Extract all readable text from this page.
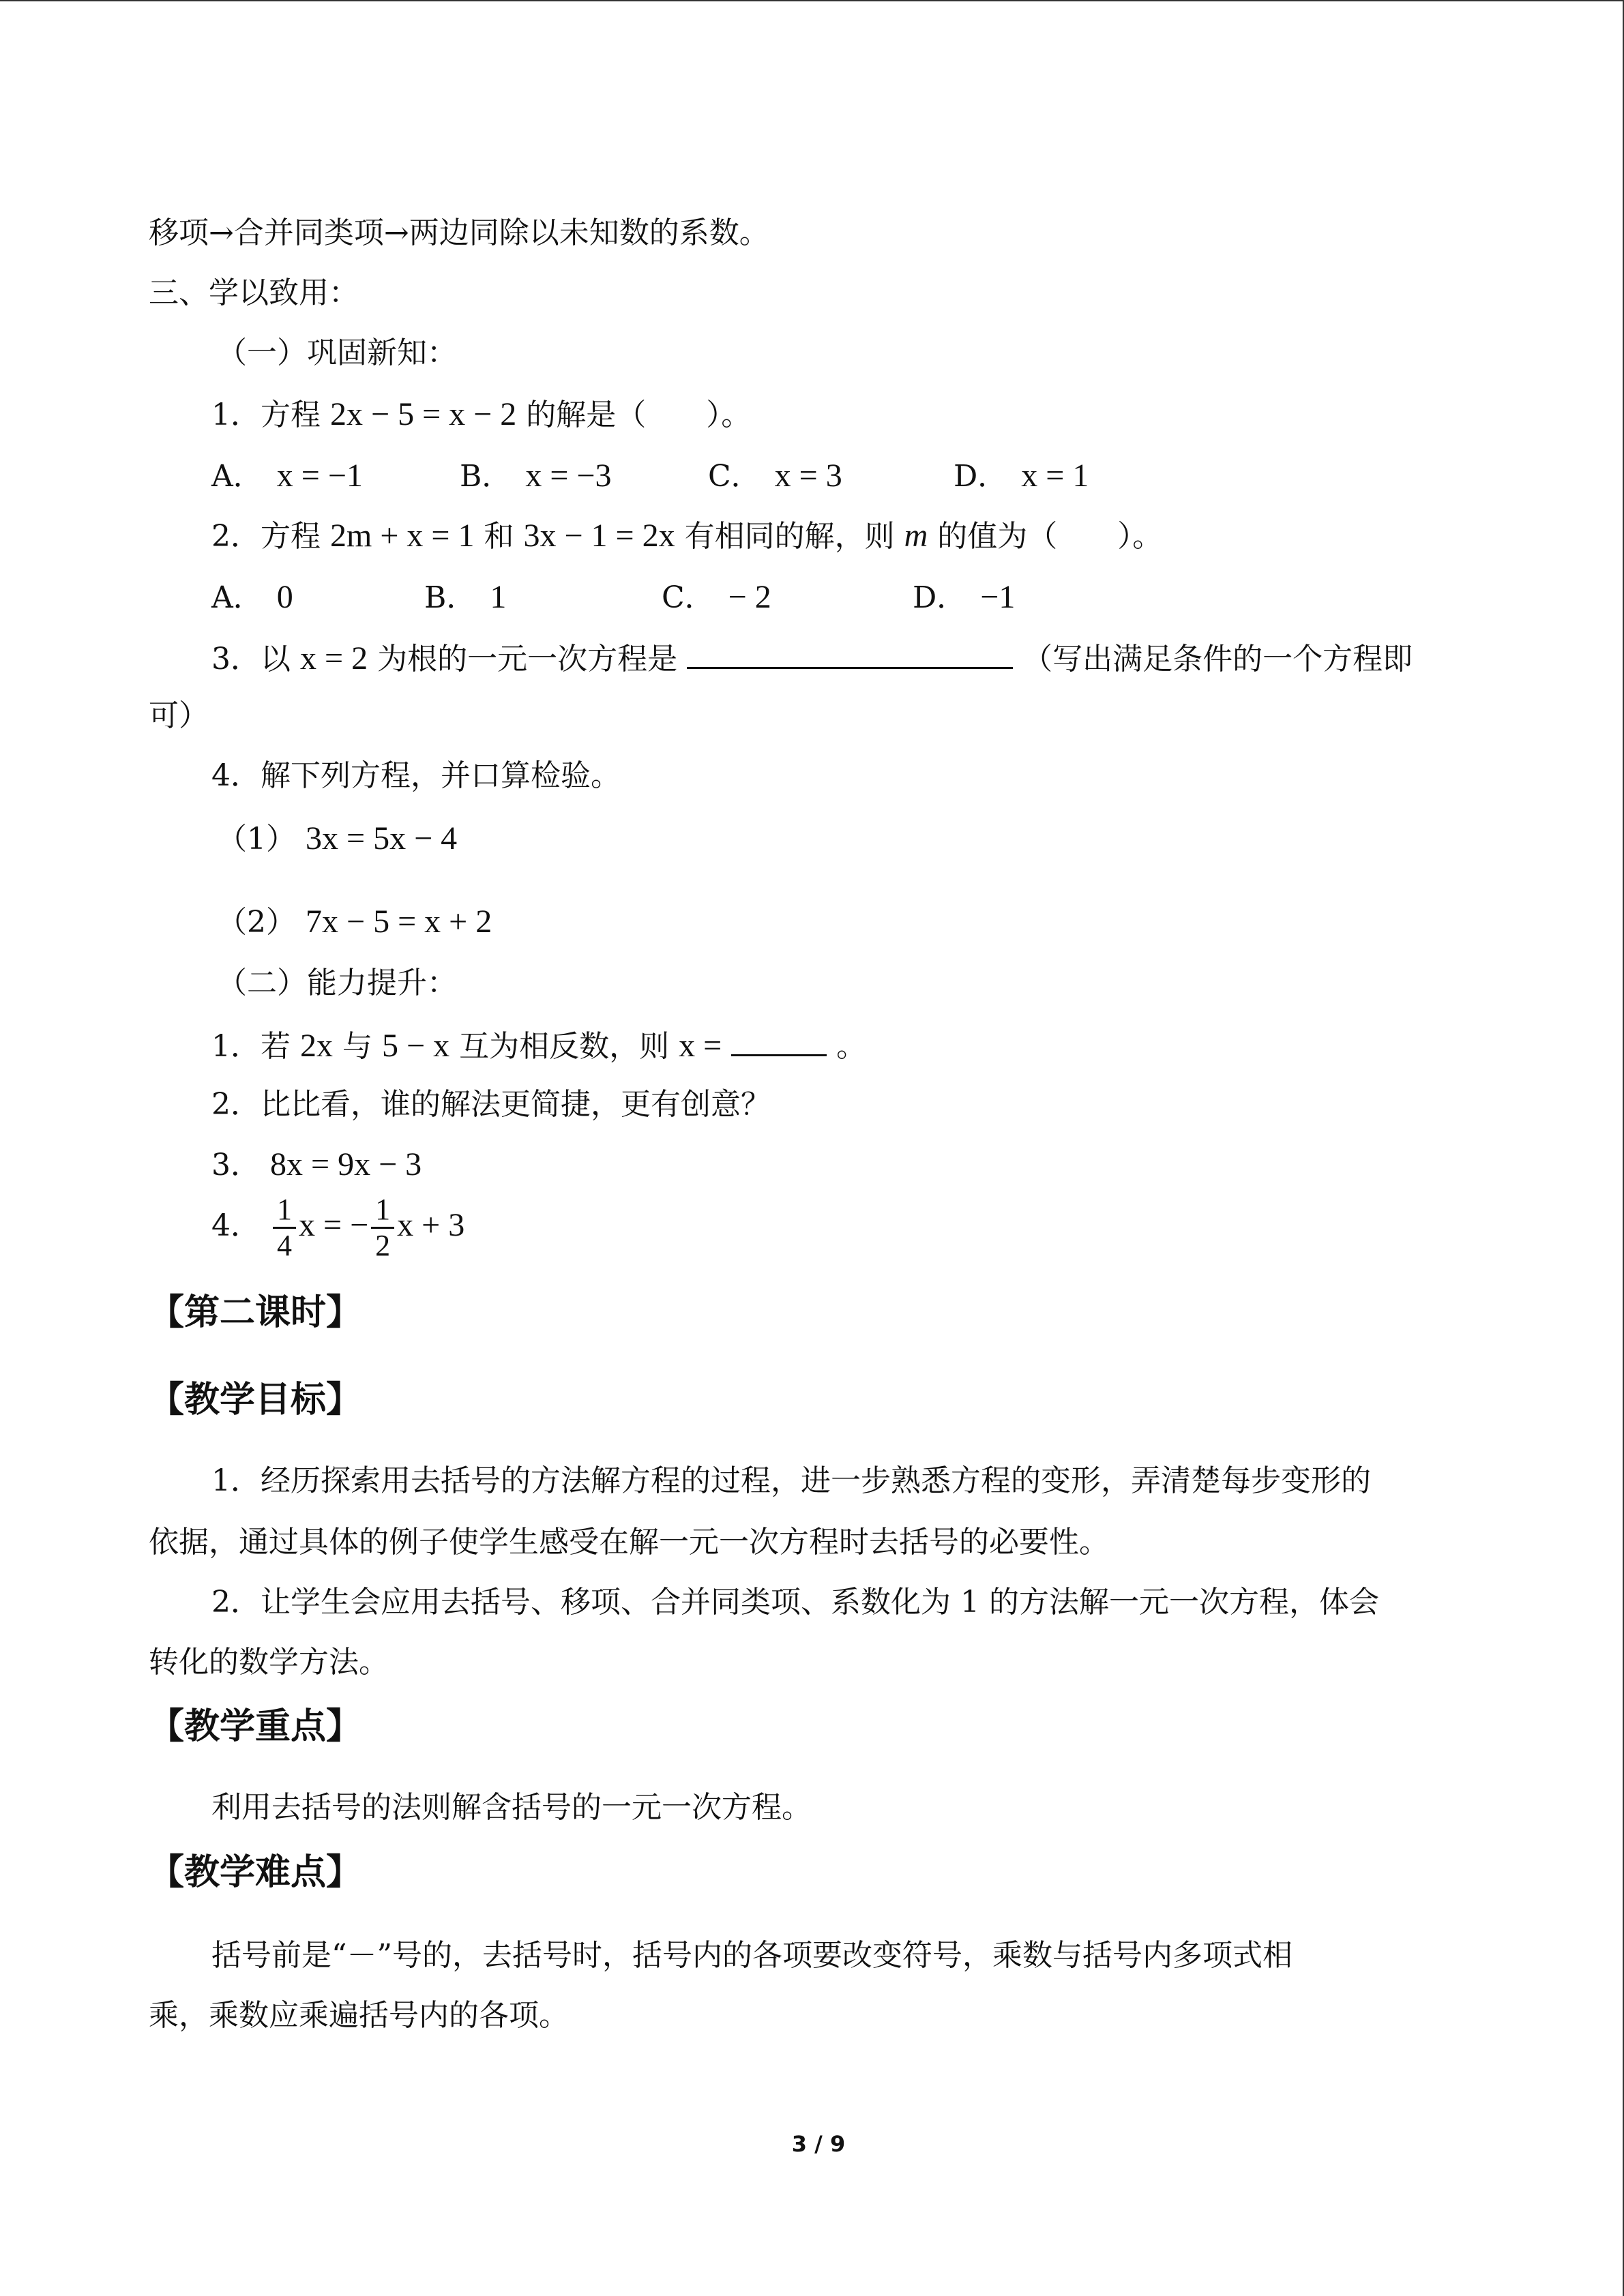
移项→合并同类项→两边同除以未知数的系数。
三、学以致用：
（一）巩固新知：
1．方程 2x − 5 = x − 2 的解是（　　）。
A． x = −1	B． x = −3	C． x = 3	D． x = 1
2．方程 2m + x = 1 和 3x − 1 = 2x 有相同的解，则 m 的值为（　　）。
A． 0	B． 1	C． − 2	D． −1
3．以 x = 2 为根的一元一次方程是	（写出满足条件的一个方程即
可）
4．解下列方程，并口算检验。
（1） 3x = 5x − 4
（2） 7x − 5 = x + 2
（二）能力提升：
1．若 2x 与 5 − x 互为相反数，则 x =	。
2．比比看，谁的解法更简捷，更有创意？
3． 8x = 9x − 3
4． $\frac{1}{4}$ x = − $\frac{1}{2}$ x + 3
【第二课时】
【教学目标】
1．经历探索用去括号的方法解方程的过程，进一步熟悉方程的变形，弄清楚每步变形的
依据，通过具体的例子使学生感受在解一元一次方程时去括号的必要性。
2．让学生会应用去括号、移项、合并同类项、系数化为 1 的方法解一元一次方程，体会
转化的数学方法。
【教学重点】
利用去括号的法则解含括号的一元一次方程。
【教学难点】
括号前是“－”号的，去括号时，括号内的各项要改变符号，乘数与括号内多项式相
乘，乘数应乘遍括号内的各项。
3 / 9
